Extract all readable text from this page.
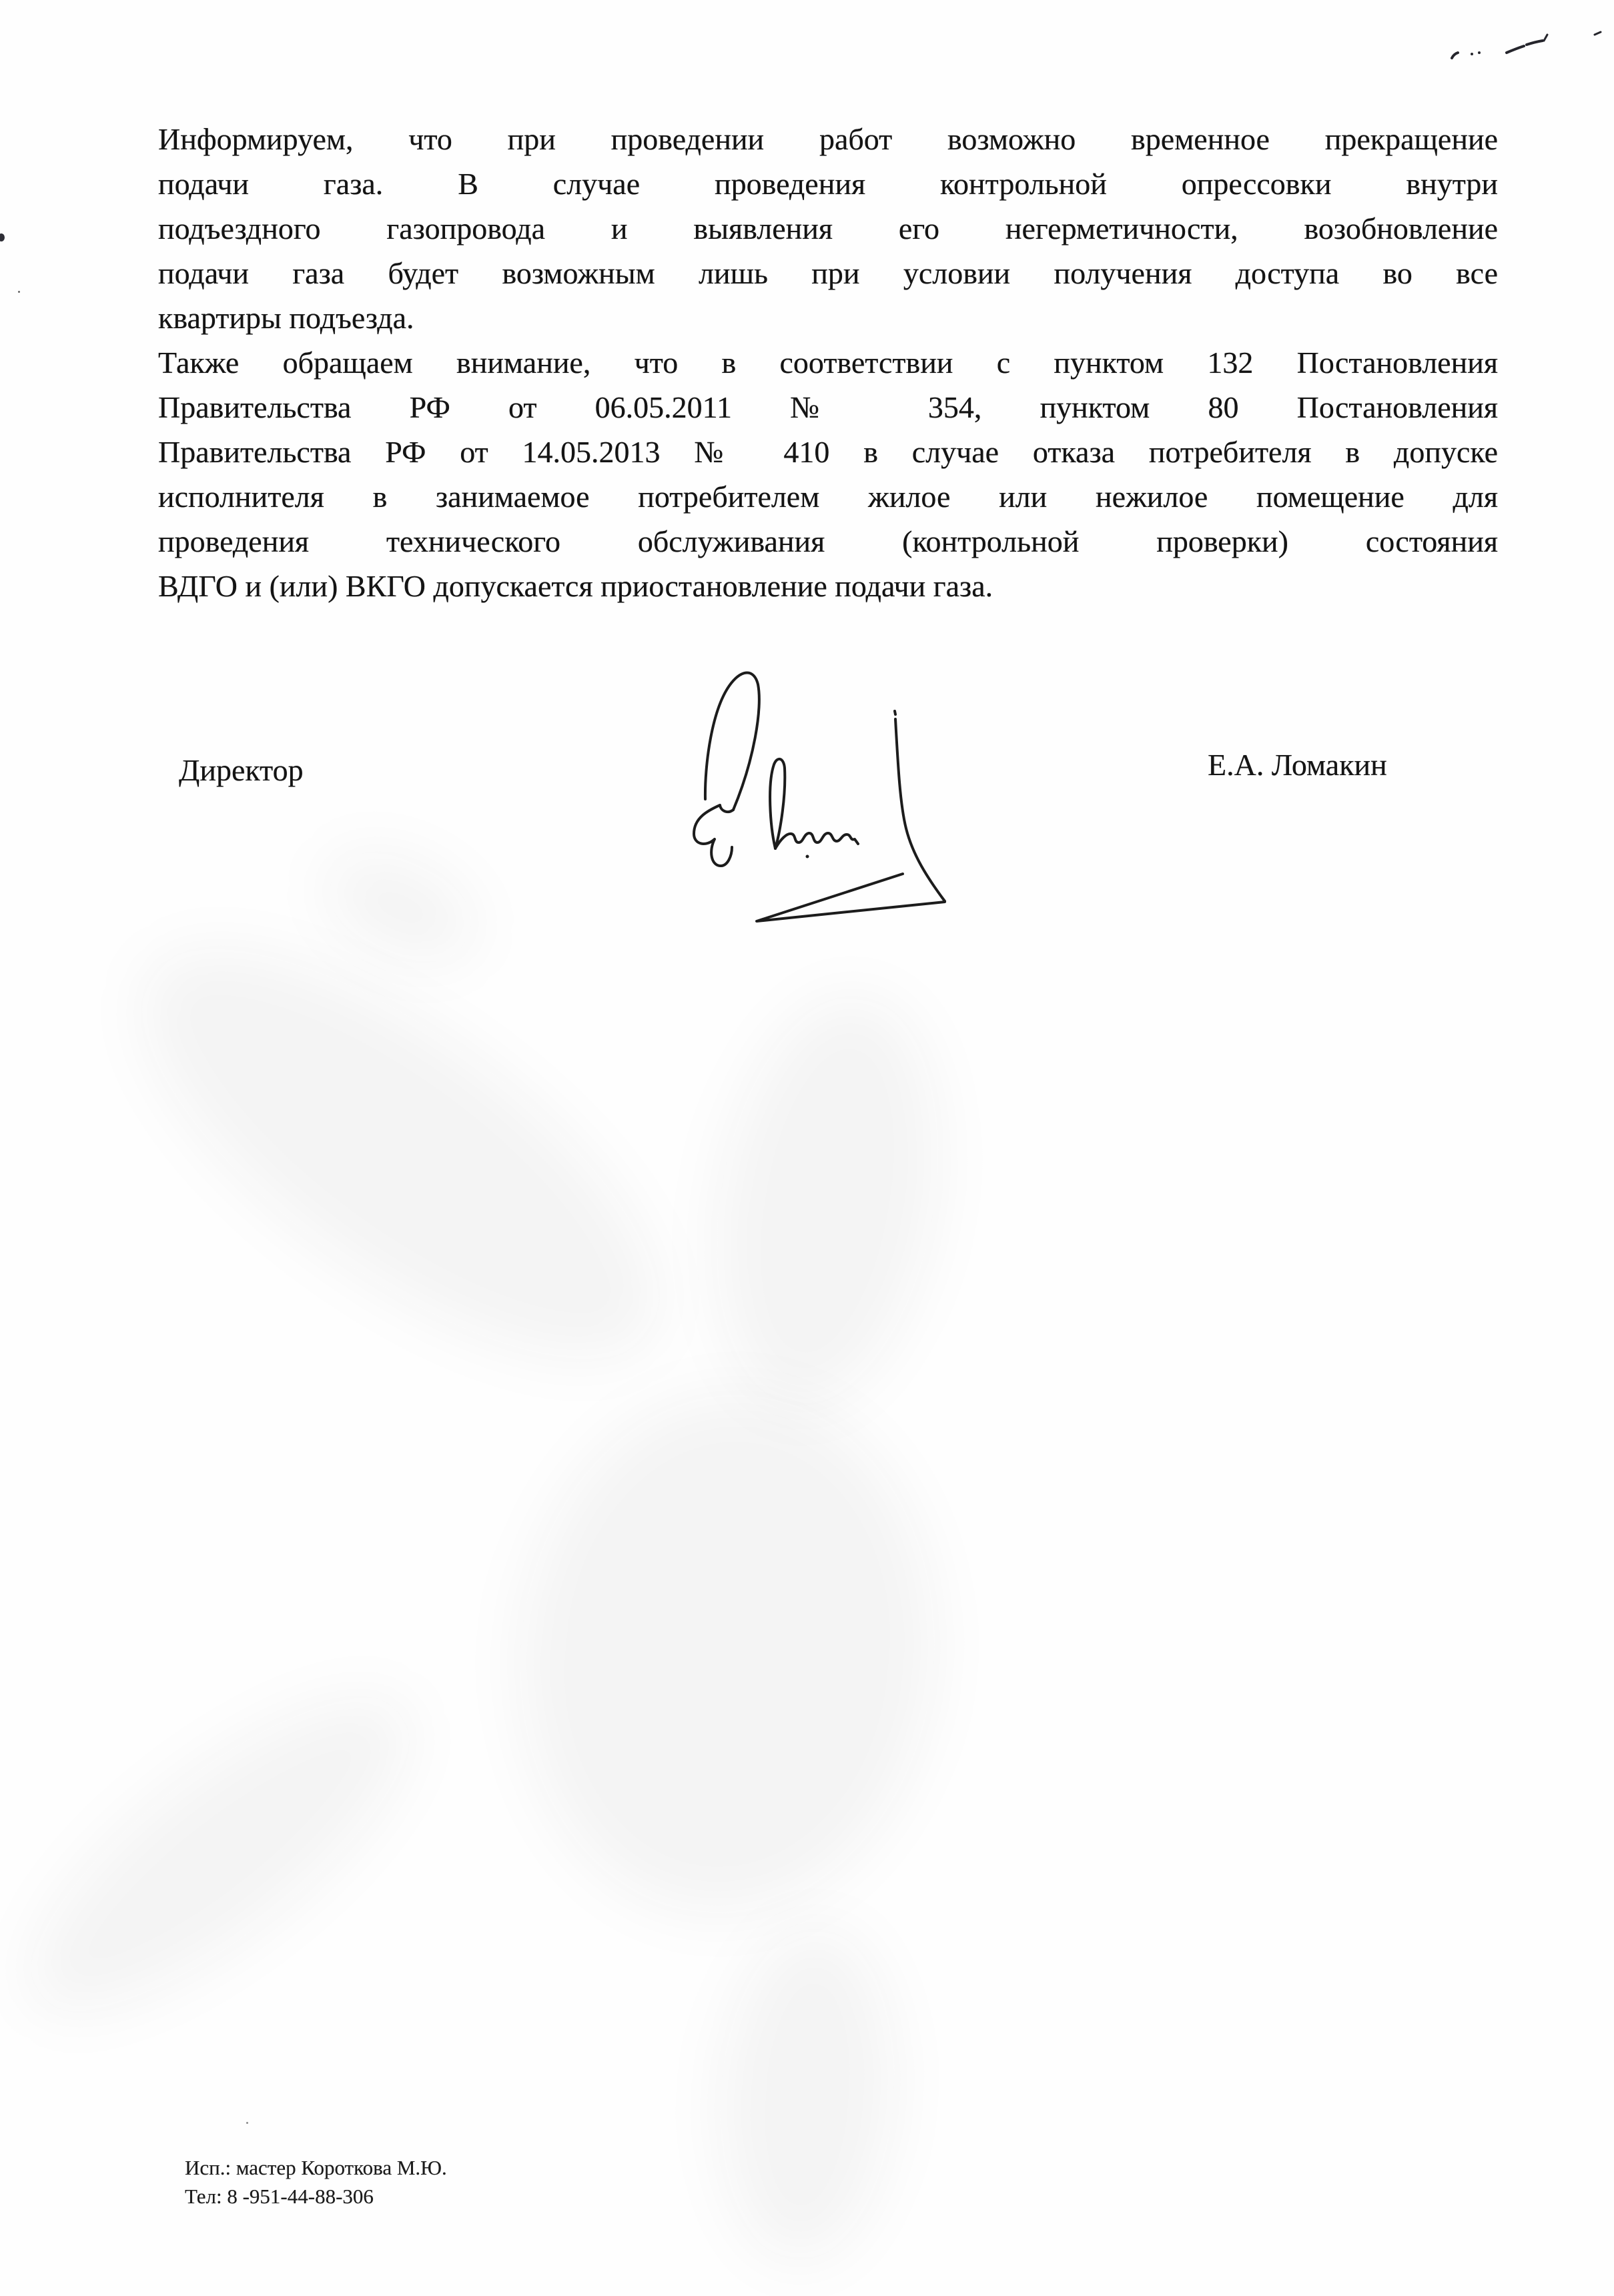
Информируем, что при проведении работ возможно временное прекращение
подачи газа. В случае проведения контрольной опрессовки внутри
подъездного газопровода и выявления его негерметичности, возобновление
подачи газа будет возможным лишь при условии получения доступа во все
квартиры подъезда.
Также обращаем внимание, что в соответствии с пунктом 132 Постановления
Правительства РФ от 06.05.2011 № 354, пунктом 80 Постановления
Правительства РФ от 14.05.2013 № 410 в случае отказа потребителя в допуске
исполнителя в занимаемое потребителем жилое или нежилое помещение для
проведения технического обслуживания (контрольной проверки) состояния
ВДГО и (или) ВКГО допускается приостановление подачи газа.
Директор	Е.А. Ломакин
Исп.: мастер Короткова М.Ю.
Тел: 8 -951-44-88-306
